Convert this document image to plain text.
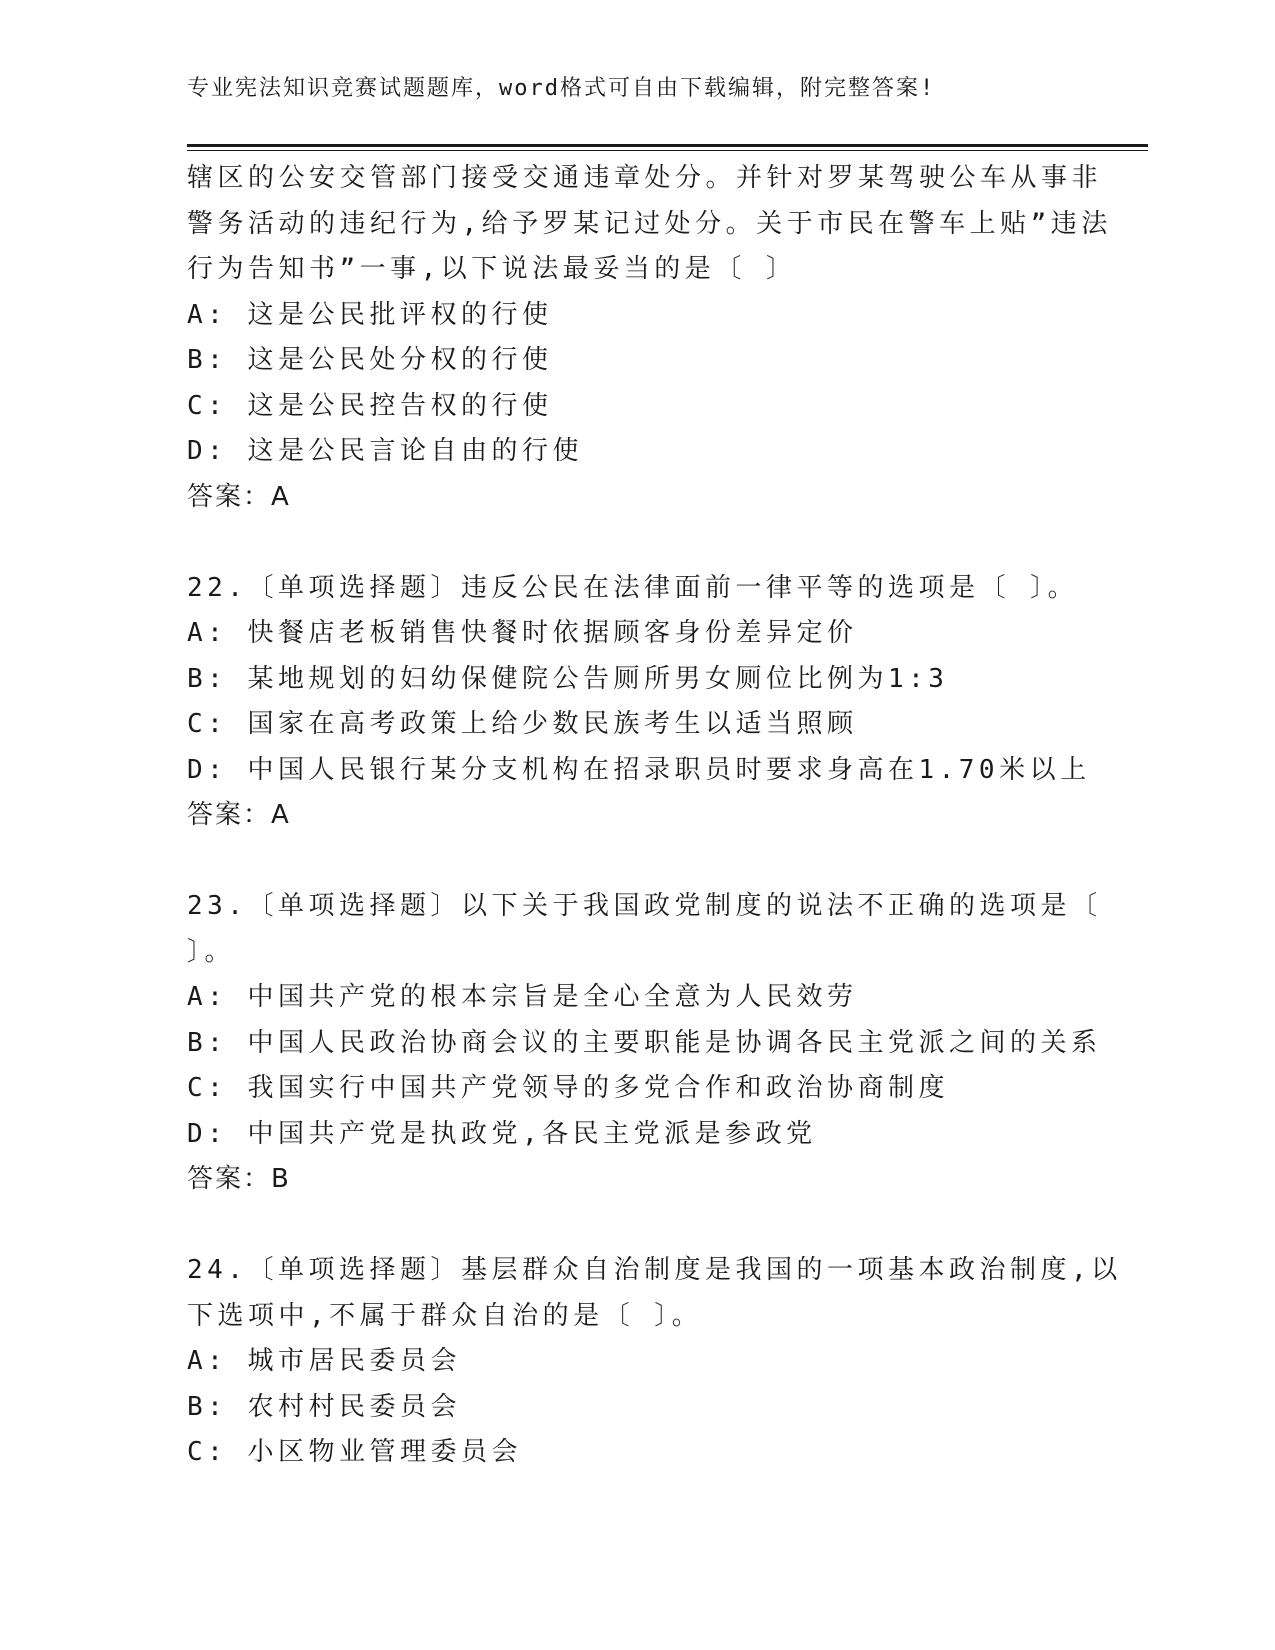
专业宪法知识竞赛试题题库，word格式可自由下载编辑，附完整答案!
辖区的公安交管部门接受交通违章处分。并针对罗某驾驶公车从事非
警务活动的违纪行为,给予罗某记过处分。关于市民在警车上贴”违法
行为告知书”一事,以下说法最妥当的是〔 〕
A: 这是公民批评权的行使
B: 这是公民处分权的行使
C: 这是公民控告权的行使
D: 这是公民言论自由的行使
答案：A
22.〔单项选择题〕违反公民在法律面前一律平等的选项是〔 〕。
A: 快餐店老板销售快餐时依据顾客身份差异定价
B: 某地规划的妇幼保健院公告厕所男女厕位比例为1:3
C: 国家在高考政策上给少数民族考生以适当照顾
D: 中国人民银行某分支机构在招录职员时要求身高在1.70米以上
答案：A
23.〔单项选择题〕以下关于我国政党制度的说法不正确的选项是〔
〕。
A: 中国共产党的根本宗旨是全心全意为人民效劳
B: 中国人民政治协商会议的主要职能是协调各民主党派之间的关系
C: 我国实行中国共产党领导的多党合作和政治协商制度
D: 中国共产党是执政党,各民主党派是参政党
答案：B
24.〔单项选择题〕基层群众自治制度是我国的一项基本政治制度,以
下选项中,不属于群众自治的是〔 〕。
A: 城市居民委员会
B: 农村村民委员会
C: 小区物业管理委员会
